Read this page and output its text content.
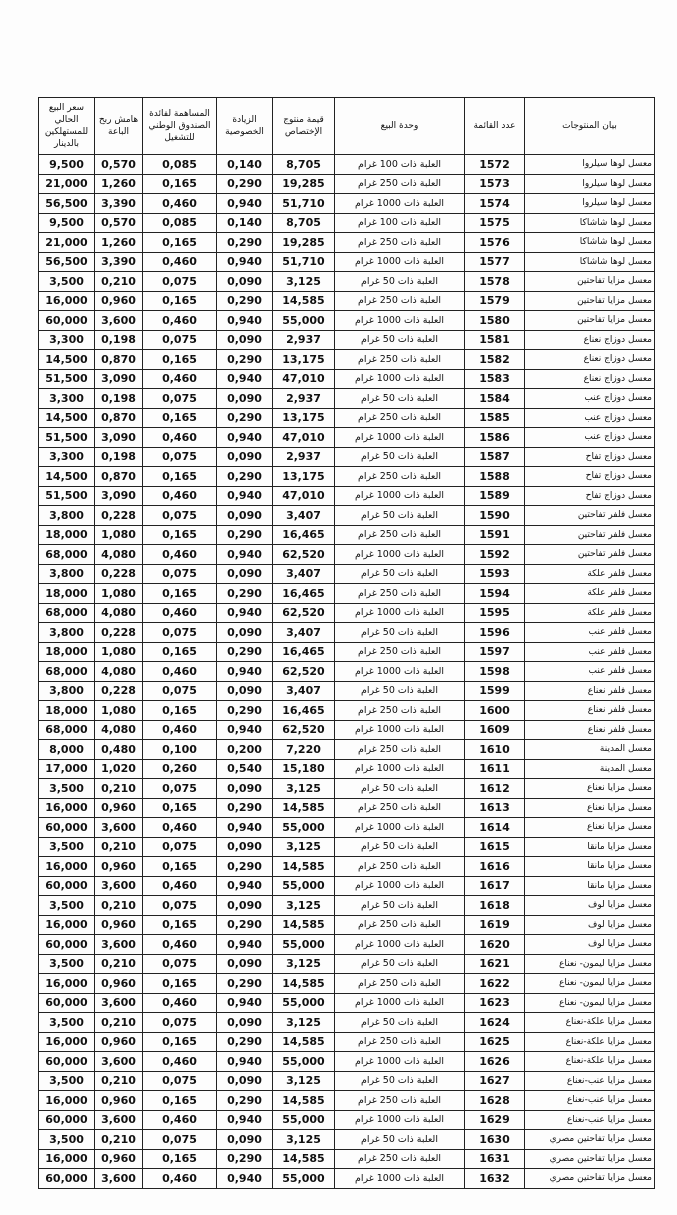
بيان المنتوجات	عدد القائمة	وحدة البيع	قيمة منتوج الإختصاص	الزيادة الخصوصية	المساهمة لفائدة الصندوق الوطني للتشغيل	هامش ربح الباعة	سعر البيع الحالي للمستهلكين بالدينار
معسل لوها سيلروا	1572	العلبة ذات 100 غرام	8,705	0,140	0,085	0,570	9,500
معسل لوها سيلروا	1573	العلبة ذات 250 غرام	19,285	0,290	0,165	1,260	21,000
معسل لوها سيلروا	1574	العلبة ذات 1000 غرام	51,710	0,940	0,460	3,390	56,500
معسل لوها شاشاكا	1575	العلبة ذات 100 غرام	8,705	0,140	0,085	0,570	9,500
معسل لوها شاشاكا	1576	العلبة ذات 250 غرام	19,285	0,290	0,165	1,260	21,000
معسل لوها شاشاكا	1577	العلبة ذات 1000 غرام	51,710	0,940	0,460	3,390	56,500
معسل مزايا تفاحتين	1578	العلبة ذات 50 غرام	3,125	0,090	0,075	0,210	3,500
معسل مزايا تفاحتين	1579	العلبة ذات 250 غرام	14,585	0,290	0,165	0,960	16,000
معسل مزايا تفاحتين	1580	العلبة ذات 1000 غرام	55,000	0,940	0,460	3,600	60,000
معسل دوزاج نعناع	1581	العلبة ذات 50 غرام	2,937	0,090	0,075	0,198	3,300
معسل دوزاج نعناع	1582	العلبة ذات 250 غرام	13,175	0,290	0,165	0,870	14,500
معسل دوزاج نعناع	1583	العلبة ذات 1000 غرام	47,010	0,940	0,460	3,090	51,500
معسل دوزاج عنب	1584	العلبة ذات 50 غرام	2,937	0,090	0,075	0,198	3,300
معسل دوزاج عنب	1585	العلبة ذات 250 غرام	13,175	0,290	0,165	0,870	14,500
معسل دوزاج عنب	1586	العلبة ذات 1000 غرام	47,010	0,940	0,460	3,090	51,500
معسل دوزاج تفاح	1587	العلبة ذات 50 غرام	2,937	0,090	0,075	0,198	3,300
معسل دوزاج تفاح	1588	العلبة ذات 250 غرام	13,175	0,290	0,165	0,870	14,500
معسل دوزاج تفاح	1589	العلبة ذات 1000 غرام	47,010	0,940	0,460	3,090	51,500
معسل فلفر تفاحتين	1590	العلبة ذات 50 غرام	3,407	0,090	0,075	0,228	3,800
معسل فلفر تفاحتين	1591	العلبة ذات 250 غرام	16,465	0,290	0,165	1,080	18,000
معسل فلفر تفاحتين	1592	العلبة ذات 1000 غرام	62,520	0,940	0,460	4,080	68,000
معسل فلفر علكة	1593	العلبة ذات 50 غرام	3,407	0,090	0,075	0,228	3,800
معسل فلفر علكة	1594	العلبة ذات 250 غرام	16,465	0,290	0,165	1,080	18,000
معسل فلفر علكة	1595	العلبة ذات 1000 غرام	62,520	0,940	0,460	4,080	68,000
معسل فلفر عنب	1596	العلبة ذات 50 غرام	3,407	0,090	0,075	0,228	3,800
معسل فلفر عنب	1597	العلبة ذات 250 غرام	16,465	0,290	0,165	1,080	18,000
معسل فلفر عنب	1598	العلبة ذات 1000 غرام	62,520	0,940	0,460	4,080	68,000
معسل فلفر نعناع	1599	العلبة ذات 50 غرام	3,407	0,090	0,075	0,228	3,800
معسل فلفر نعناع	1600	العلبة ذات 250 غرام	16,465	0,290	0,165	1,080	18,000
معسل فلفر نعناع	1609	العلبة ذات 1000 غرام	62,520	0,940	0,460	4,080	68,000
معسل المدينة	1610	العلبة ذات 250 غرام	7,220	0,200	0,100	0,480	8,000
معسل المدينة	1611	العلبة ذات 1000 غرام	15,180	0,540	0,260	1,020	17,000
معسل مزايا نعناع	1612	العلبة ذات 50 غرام	3,125	0,090	0,075	0,210	3,500
معسل مزايا نعناع	1613	العلبة ذات 250 غرام	14,585	0,290	0,165	0,960	16,000
معسل مزايا نعناع	1614	العلبة ذات 1000 غرام	55,000	0,940	0,460	3,600	60,000
معسل مزايا مانقا	1615	العلبة ذات 50 غرام	3,125	0,090	0,075	0,210	3,500
معسل مزايا مانقا	1616	العلبة ذات 250 غرام	14,585	0,290	0,165	0,960	16,000
معسل مزايا مانقا	1617	العلبة ذات 1000 غرام	55,000	0,940	0,460	3,600	60,000
معسل مزايا لوف	1618	العلبة ذات 50 غرام	3,125	0,090	0,075	0,210	3,500
معسل مزايا لوف	1619	العلبة ذات 250 غرام	14,585	0,290	0,165	0,960	16,000
معسل مزايا لوف	1620	العلبة ذات 1000 غرام	55,000	0,940	0,460	3,600	60,000
معسل مزايا ليمون- نعناع	1621	العلبة ذات 50 غرام	3,125	0,090	0,075	0,210	3,500
معسل مزايا ليمون- نعناع	1622	العلبة ذات 250 غرام	14,585	0,290	0,165	0,960	16,000
معسل مزايا ليمون- نعناع	1623	العلبة ذات 1000 غرام	55,000	0,940	0,460	3,600	60,000
معسل مزايا علكة-نعناع	1624	العلبة ذات 50 غرام	3,125	0,090	0,075	0,210	3,500
معسل مزايا علكة-نعناع	1625	العلبة ذات 250 غرام	14,585	0,290	0,165	0,960	16,000
معسل مزايا علكة-نعناع	1626	العلبة ذات 1000 غرام	55,000	0,940	0,460	3,600	60,000
معسل مزايا عنب-نعناع	1627	العلبة ذات 50 غرام	3,125	0,090	0,075	0,210	3,500
معسل مزايا عنب-نعناع	1628	العلبة ذات 250 غرام	14,585	0,290	0,165	0,960	16,000
معسل مزايا عنب-نعناع	1629	العلبة ذات 1000 غرام	55,000	0,940	0,460	3,600	60,000
معسل مزايا تفاحتين مصري	1630	العلبة ذات 50 غرام	3,125	0,090	0,075	0,210	3,500
معسل مزايا تفاحتين مصري	1631	العلبة ذات 250 غرام	14,585	0,290	0,165	0,960	16,000
معسل مزايا تفاحتين مصري	1632	العلبة ذات 1000 غرام	55,000	0,940	0,460	3,600	60,000
